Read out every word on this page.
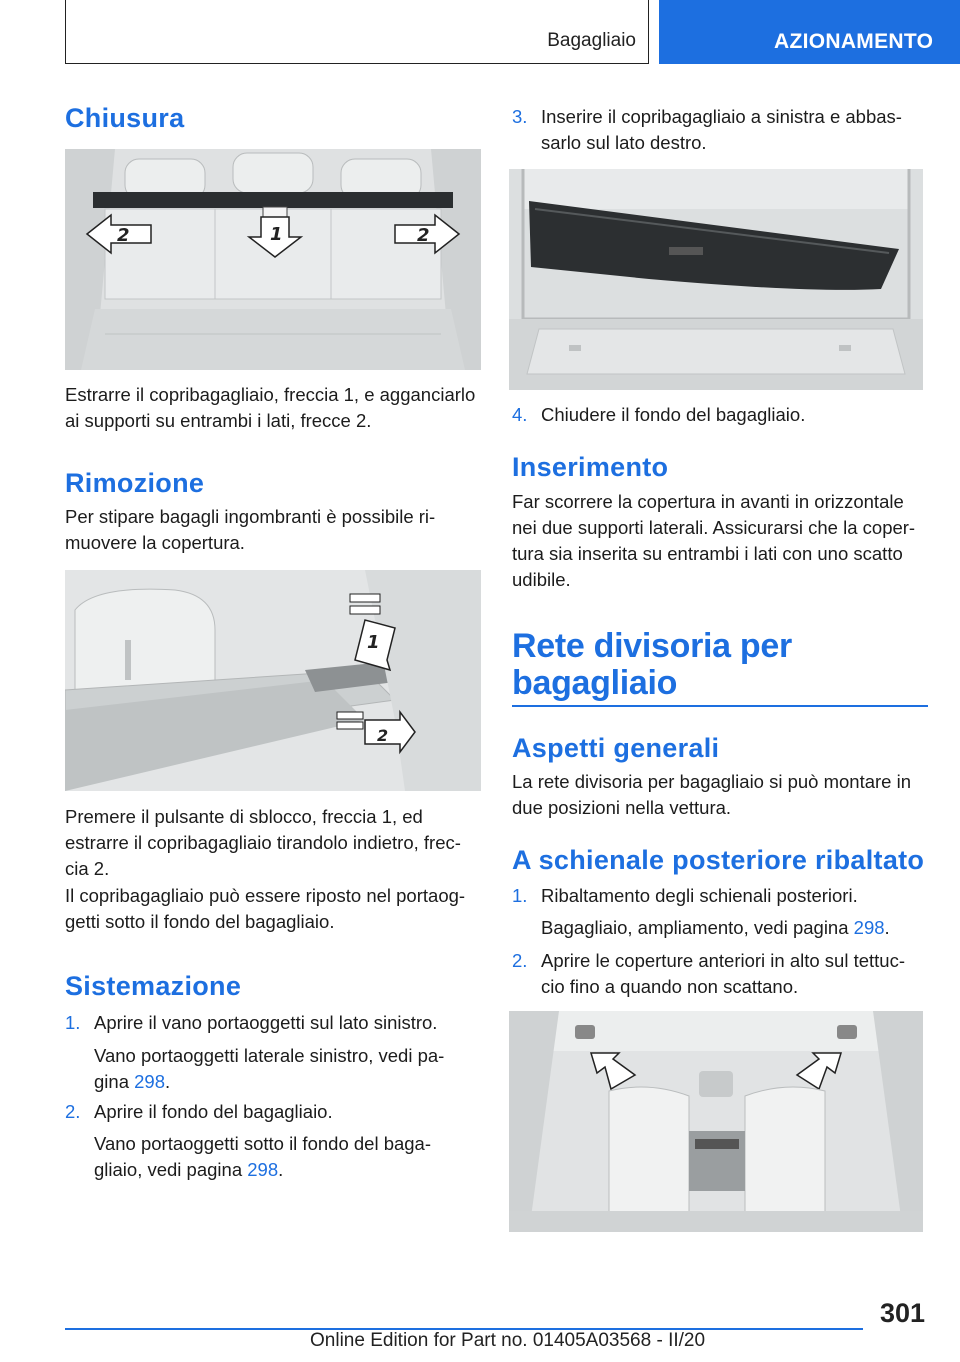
Bagagliaio	AZIONAMENTO
Chiusura
2	1	2

Estrarre il copribagagliaio, freccia 1, e agganciarlo
ai supporti su entrambi i lati, frecce 2.

Rimozione

Per stipare bagagli ingombranti è possibile ri-
muovere la copertura.

1
2

Premere il pulsante di sblocco, freccia 1, ed
estrarre il copribagagliaio tirandolo indietro, frec-
cia 2.

Il copribagagliaio può essere riposto nel portaog-
getti sotto il fondo del bagagliaio.

Sistemazione
1. Aprire il vano portaoggetti sul lato sinistro.

Vano portaoggetti laterale sinistro, vedi pa-
gina 298.

2. Aprire il fondo del bagagliaio.

Vano portaoggetti sotto il fondo del baga-
gliaio, vedi pagina 298.

3. Inserire il copribagagliaio a sinistra e abbas-
sarlo sul lato destro.

4. Chiudere il fondo del bagagliaio.

Inserimento

Far scorrere la copertura in avanti in orizzontale
nei due supporti laterali. Assicurarsi che la coper-
tura sia inserita su entrambi i lati con uno scatto
udibile.

Rete divisoria per
bagagliaio
Aspetti generali

La rete divisoria per bagagliaio si può montare in
due posizioni nella vettura.

A schienale posteriore ribaltato
1. Ribaltamento degli schienali posteriori.

Bagagliaio, ampliamento, vedi pagina 298.

2. Aprire le coperture anteriori in alto sul tettuc-
cio fino a quando non scattano.

301
Online Edition for Part no. 01405A03568 - II/20
